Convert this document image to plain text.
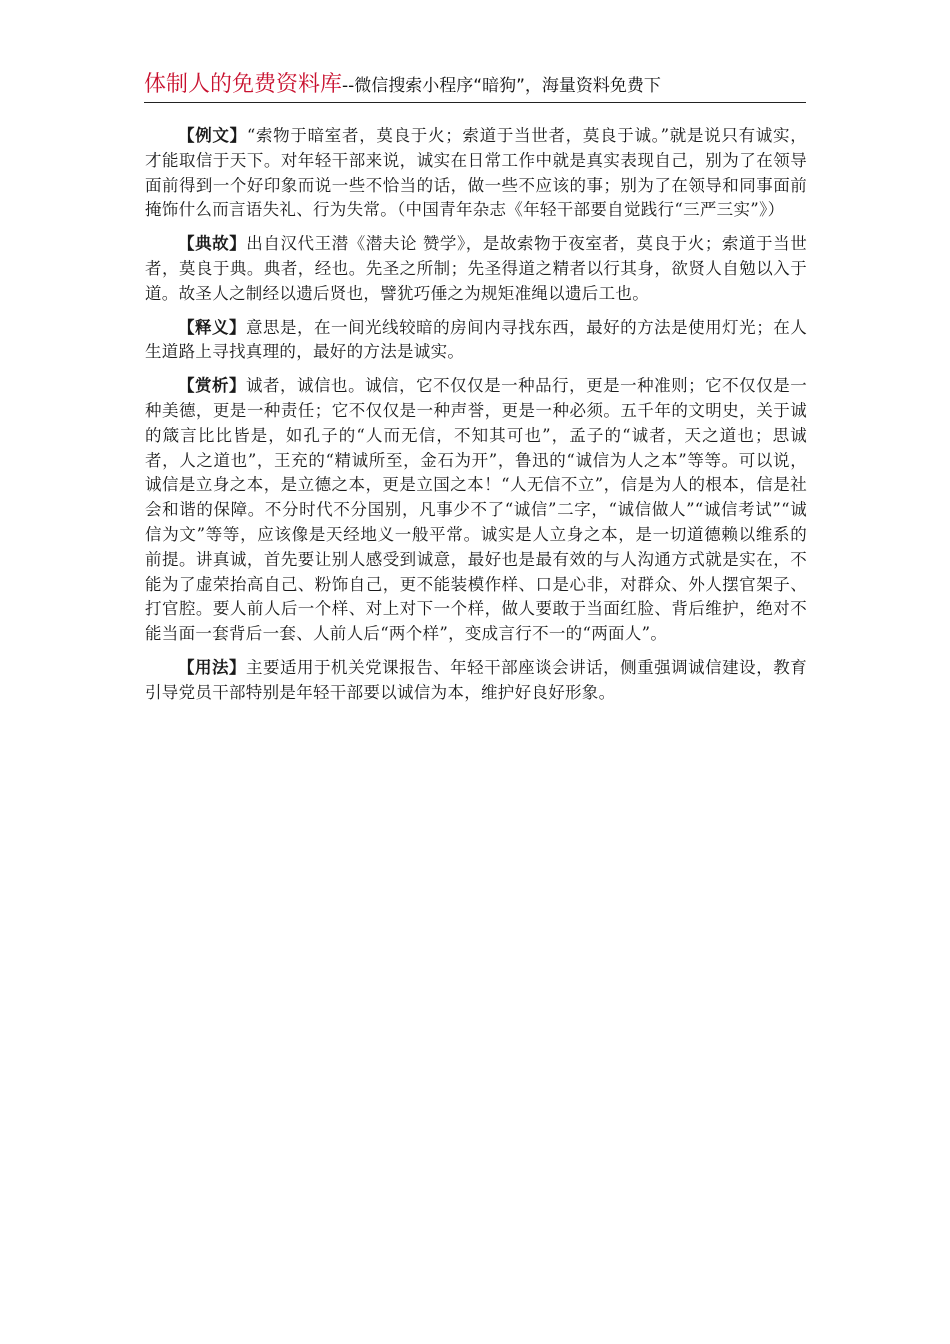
体制人的免费资料库--微信搜索小程序“暗狗”，海量资料免费下

【例文】“索物于暗室者，莫良于火；索道于当世者，莫良于诚。”就是说只有诚实，才能取信于天下。对年轻干部来说，诚实在日常工作中就是真实表现自己，别为了在领导面前得到一个好印象而说一些不恰当的话，做一些不应该的事；别为了在领导和同事面前掩饰什么而言语失礼、行为失常。（中国青年杂志《年轻干部要自觉践行“三严三实”》）

【典故】出自汉代王潜《潜夫论 赞学》，是故索物于夜室者，莫良于火；索道于当世者，莫良于典。典者，经也。先圣之所制；先圣得道之精者以行其身，欲贤人自勉以入于道。故圣人之制经以遗后贤也，譬犹巧倕之为规矩准绳以遗后工也。

【释义】意思是，在一间光线较暗的房间内寻找东西，最好的方法是使用灯光；在人生道路上寻找真理的，最好的方法是诚实。

【赏析】诚者，诚信也。诚信，它不仅仅是一种品行，更是一种准则；它不仅仅是一种美德，更是一种责任；它不仅仅是一种声誉，更是一种必须。五千年的文明史，关于诚的箴言比比皆是，如孔子的“人而无信，不知其可也”，孟子的“诚者，天之道也；思诚者，人之道也”，王充的“精诚所至，金石为开”，鲁迅的“诚信为人之本”等等。可以说，诚信是立身之本，是立德之本，更是立国之本！“人无信不立”，信是为人的根本，信是社会和谐的保障。不分时代不分国别，凡事少不了“诚信”二字，“诚信做人”“诚信考试”“诚信为文”等等，应该像是天经地义一般平常。诚实是人立身之本，是一切道德赖以维系的前提。讲真诚，首先要让别人感受到诚意，最好也是最有效的与人沟通方式就是实在，不能为了虚荣抬高自己、粉饰自己，更不能装模作样、口是心非，对群众、外人摆官架子、打官腔。要人前人后一个样、对上对下一个样，做人要敢于当面红脸、背后维护，绝对不能当面一套背后一套、人前人后“两个样”，变成言行不一的“两面人”。

【用法】主要适用于机关党课报告、年轻干部座谈会讲话，侧重强调诚信建设，教育引导党员干部特别是年轻干部要以诚信为本，维护好良好形象。
